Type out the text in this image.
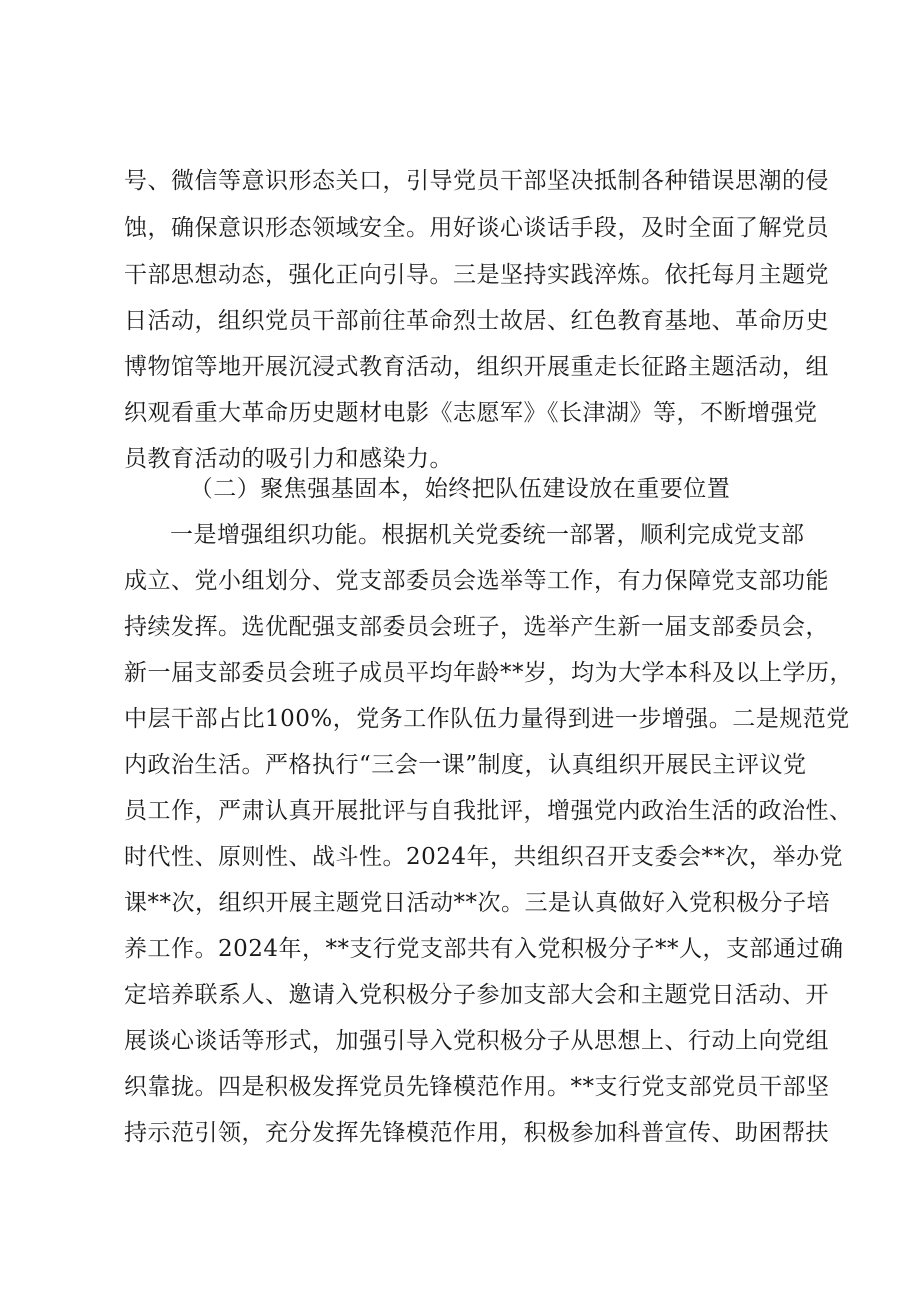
号、微信等意识形态关口，引导党员干部坚决抵制各种错误思潮的侵
蚀，确保意识形态领域安全。用好谈心谈话手段，及时全面了解党员
干部思想动态，强化正向引导。三是坚持实践淬炼。依托每月主题党
日活动，组织党员干部前往革命烈士故居、红色教育基地、革命历史
博物馆等地开展沉浸式教育活动，组织开展重走长征路主题活动，组
织观看重大革命历史题材电影《志愿军》《长津湖》等，不断增强党
员教育活动的吸引力和感染力。
（二）聚焦强基固本，始终把队伍建设放在重要位置
一是增强组织功能。根据机关党委统一部署，顺利完成党支部
成立、党小组划分、党支部委员会选举等工作，有力保障党支部功能
持续发挥。选优配强支部委员会班子，选举产生新一届支部委员会，
新一届支部委员会班子成员平均年龄**岁，均为大学本科及以上学历，
中层干部占比100%，党务工作队伍力量得到进一步增强。二是规范党
内政治生活。严格执行“三会一课”制度，认真组织开展民主评议党
员工作，严肃认真开展批评与自我批评，增强党内政治生活的政治性、
时代性、原则性、战斗性。2024年，共组织召开支委会**次，举办党
课**次，组织开展主题党日活动**次。三是认真做好入党积极分子培
养工作。2024年，**支行党支部共有入党积极分子**人，支部通过确
定培养联系人、邀请入党积极分子参加支部大会和主题党日活动、开
展谈心谈话等形式，加强引导入党积极分子从思想上、行动上向党组
织靠拢。四是积极发挥党员先锋模范作用。**支行党支部党员干部坚
持示范引领，充分发挥先锋模范作用，积极参加科普宣传、助困帮扶
